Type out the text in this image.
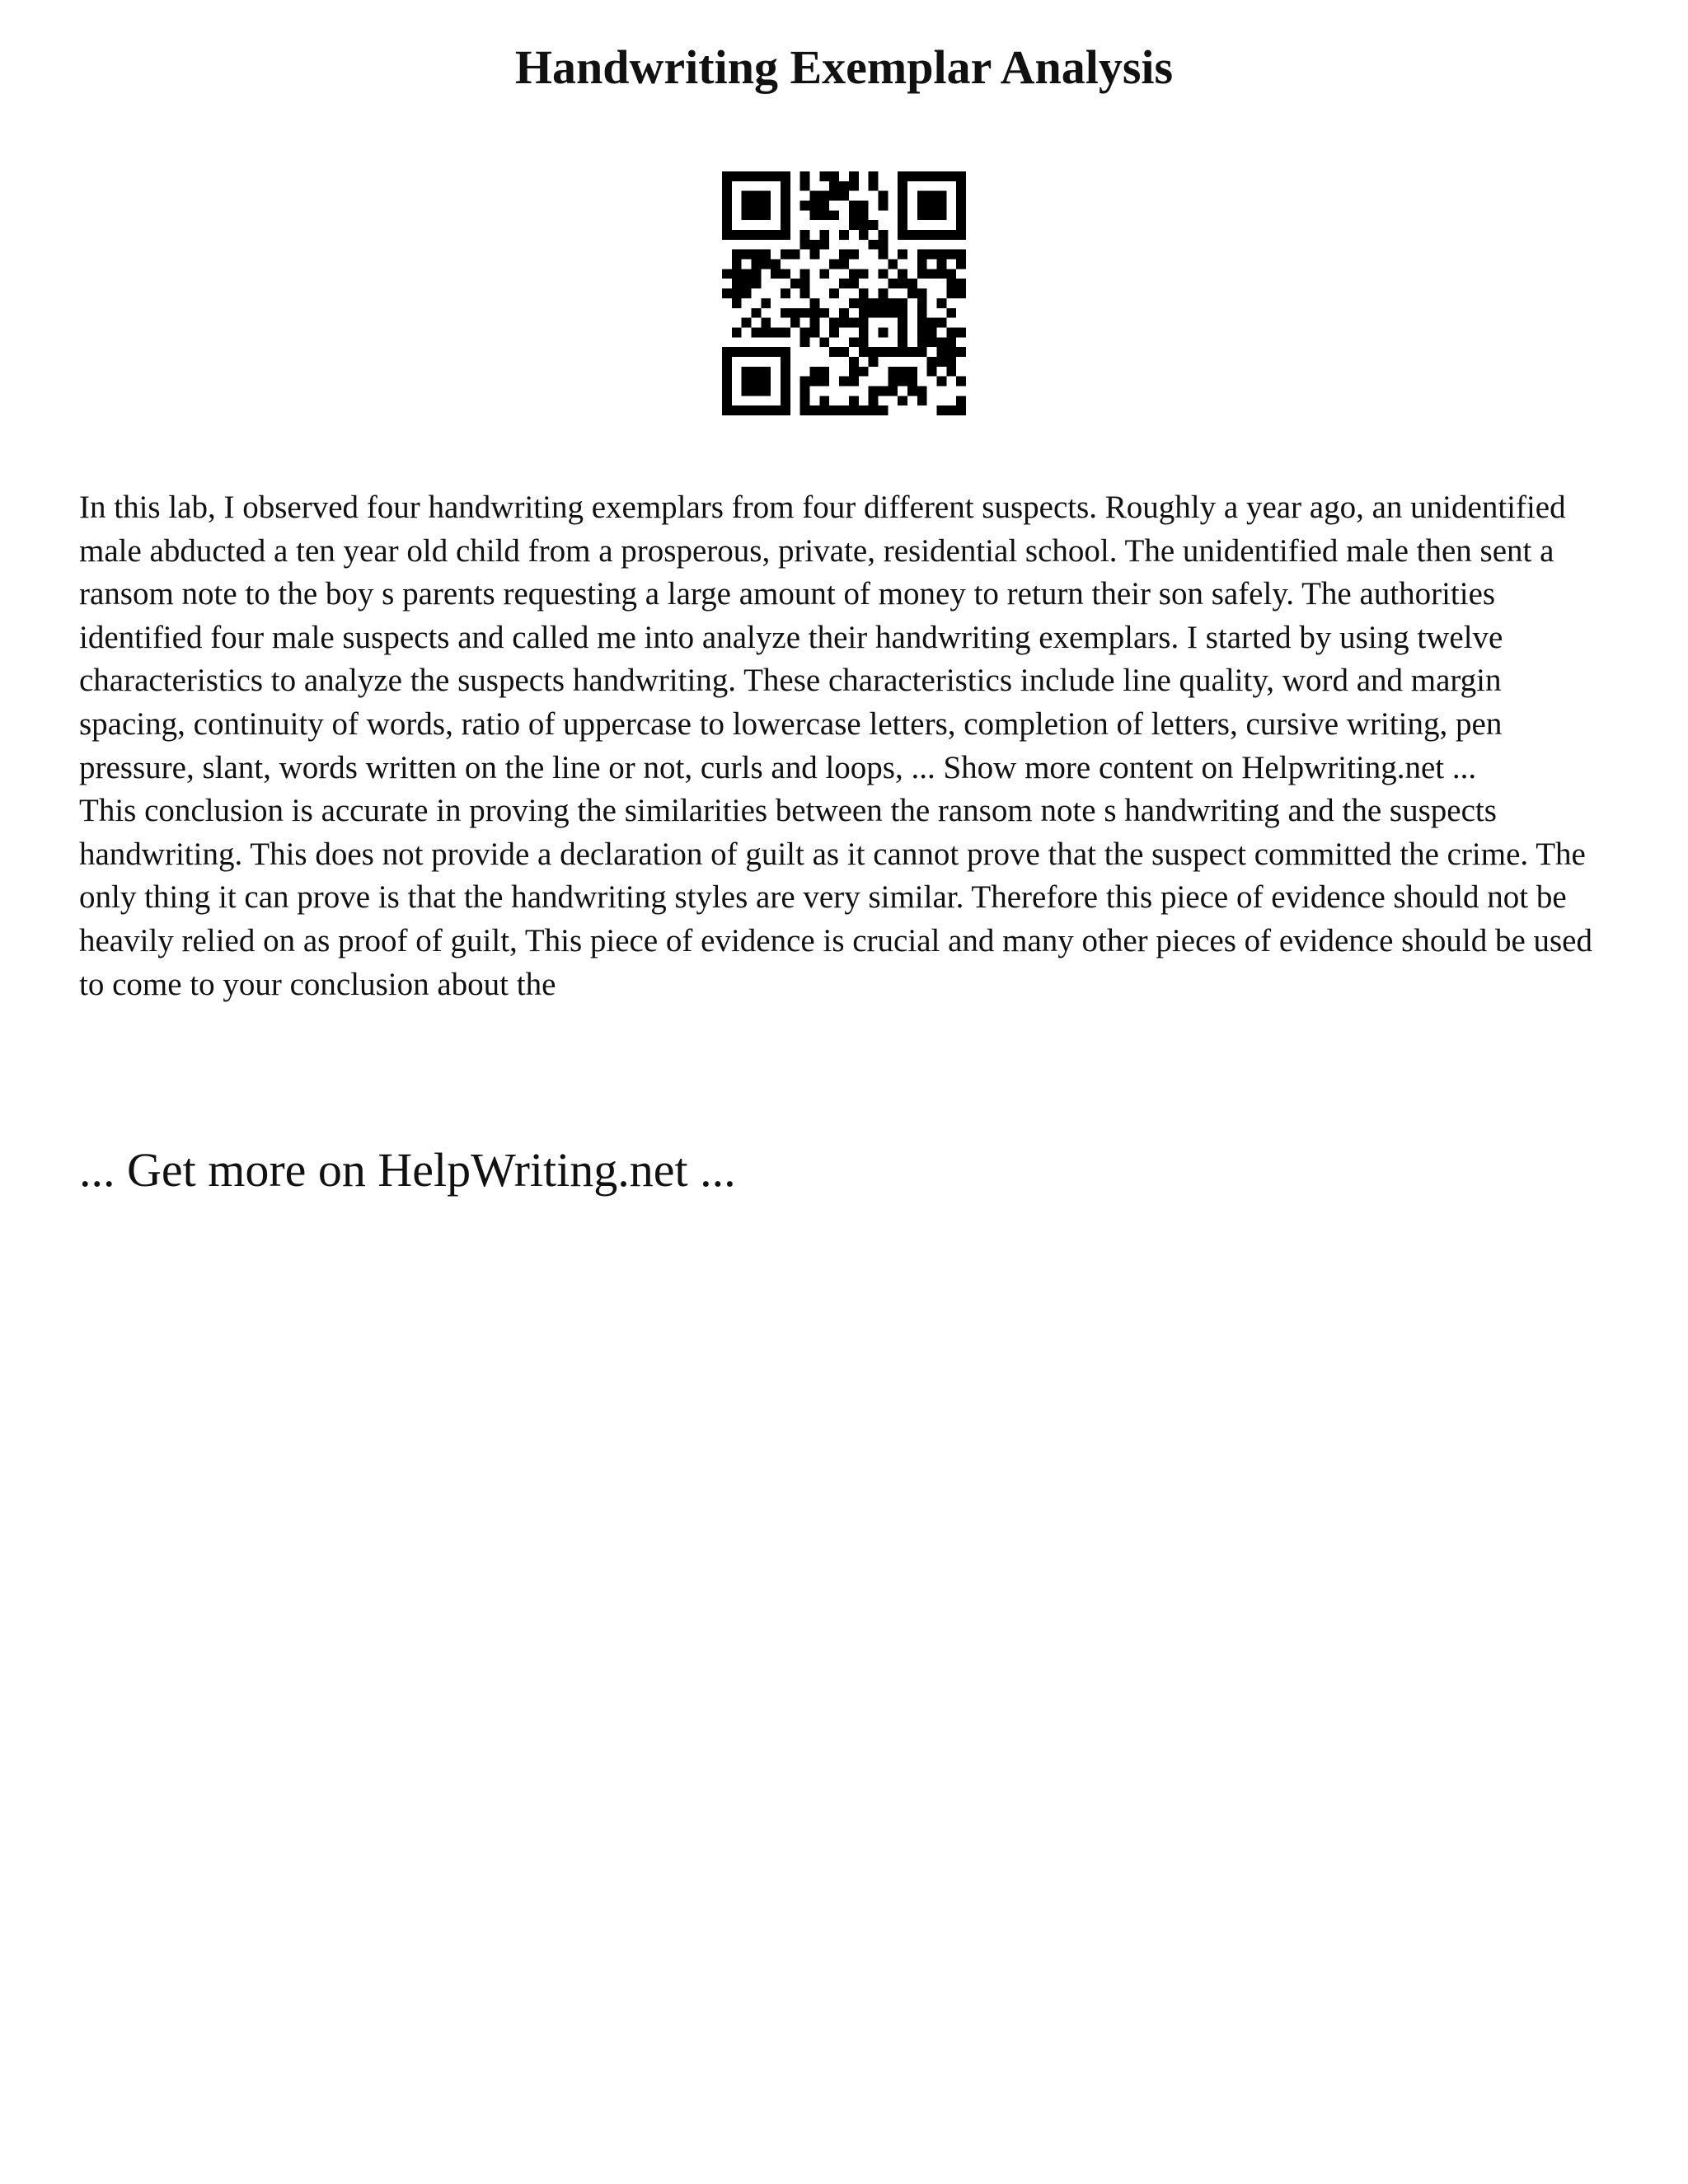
Handwriting Exemplar Analysis

In this lab, I observed four handwriting exemplars from four different suspects. Roughly a year ago, an unidentified male abducted a ten year old child from a prosperous, private, residential school. The unidentified male then sent a ransom note to the boy s parents requesting a large amount of money to return their son safely. The authorities identified four male suspects and called me into analyze their handwriting exemplars. I started by using twelve characteristics to analyze the suspects handwriting. These characteristics include line quality, word and margin spacing, continuity of words, ratio of uppercase to lowercase letters, completion of letters, cursive writing, pen pressure, slant, words written on the line or not, curls and loops, ... Show more content on Helpwriting.net ...

This conclusion is accurate in proving the similarities between the ransom note s handwriting and the suspects handwriting. This does not provide a declaration of guilt as it cannot prove that the suspect committed the crime. The only thing it can prove is that the handwriting styles are very similar. Therefore this piece of evidence should not be heavily relied on as proof of guilt, This piece of evidence is crucial and many other pieces of evidence should be used to come to your conclusion about the

... Get more on HelpWriting.net ...
